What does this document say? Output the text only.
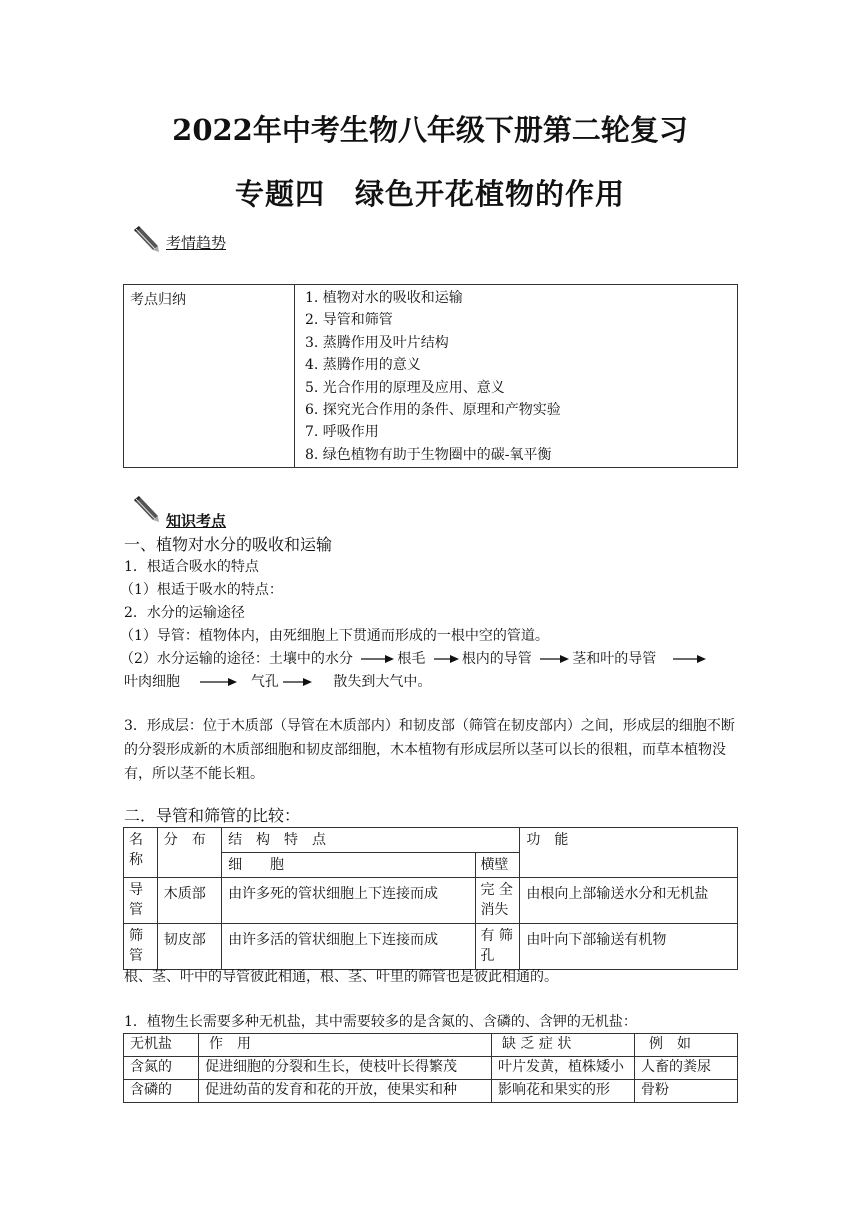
2022年中考生物八年级下册第二轮复习
专题四　绿色开花植物的作用
考情趋势
考点归纳	1. 植物对水的吸收和运输
2. 导管和筛管
3. 蒸腾作用及叶片结构
4. 蒸腾作用的意义
5. 光合作用的原理及应用、意义
6. 探究光合作用的条件、原理和产物实验
7. 呼吸作用
8. 绿色植物有助于生物圈中的碳-氧平衡
知识考点
一、植物对水分的吸收和运输
1．根适合吸水的特点
（1）根适于吸水的特点：
2．水分的运输途径
（1）导管：植物体内，由死细胞上下贯通而形成的一根中空的管道。
（2）水分运输的途径：土壤中的水分	根毛	根内的导管	茎和叶的导管
叶肉细胞	气孔	散失到大气中。
3．形成层：位于木质部（导管在木质部内）和韧皮部（筛管在韧皮部内）之间，形成层的细胞不断的分裂形成新的木质部细胞和韧皮部细胞，木本植物有形成层所以茎可以长的很粗，而草本植物没有，所以茎不能长粗。
二．导管和筛管的比较：
名称	分　布	结　构　特　点		功　能
		细　　胞	横壁	
导管	木质部	由许多死的管状细胞上下连接而成	完 全消失	由根向上部输送水分和无机盐
筛管	韧皮部	由许多活的管状细胞上下连接而成	有 筛孔	由叶向下部输送有机物
根、茎、叶中的导管彼此相通，根、茎、叶里的筛管也是彼此相通的。
1．植物生长需要多种无机盐，其中需要较多的是含氮的、含磷的、含钾的无机盐：
无机盐	作　用	缺 乏 症 状	例　如
含氮的	促进细胞的分裂和生长，使枝叶长得繁茂	叶片发黄，植株矮小	人畜的粪尿
含磷的	促进幼苗的发育和花的开放，使果实和种	影响花和果实的形	骨粉
